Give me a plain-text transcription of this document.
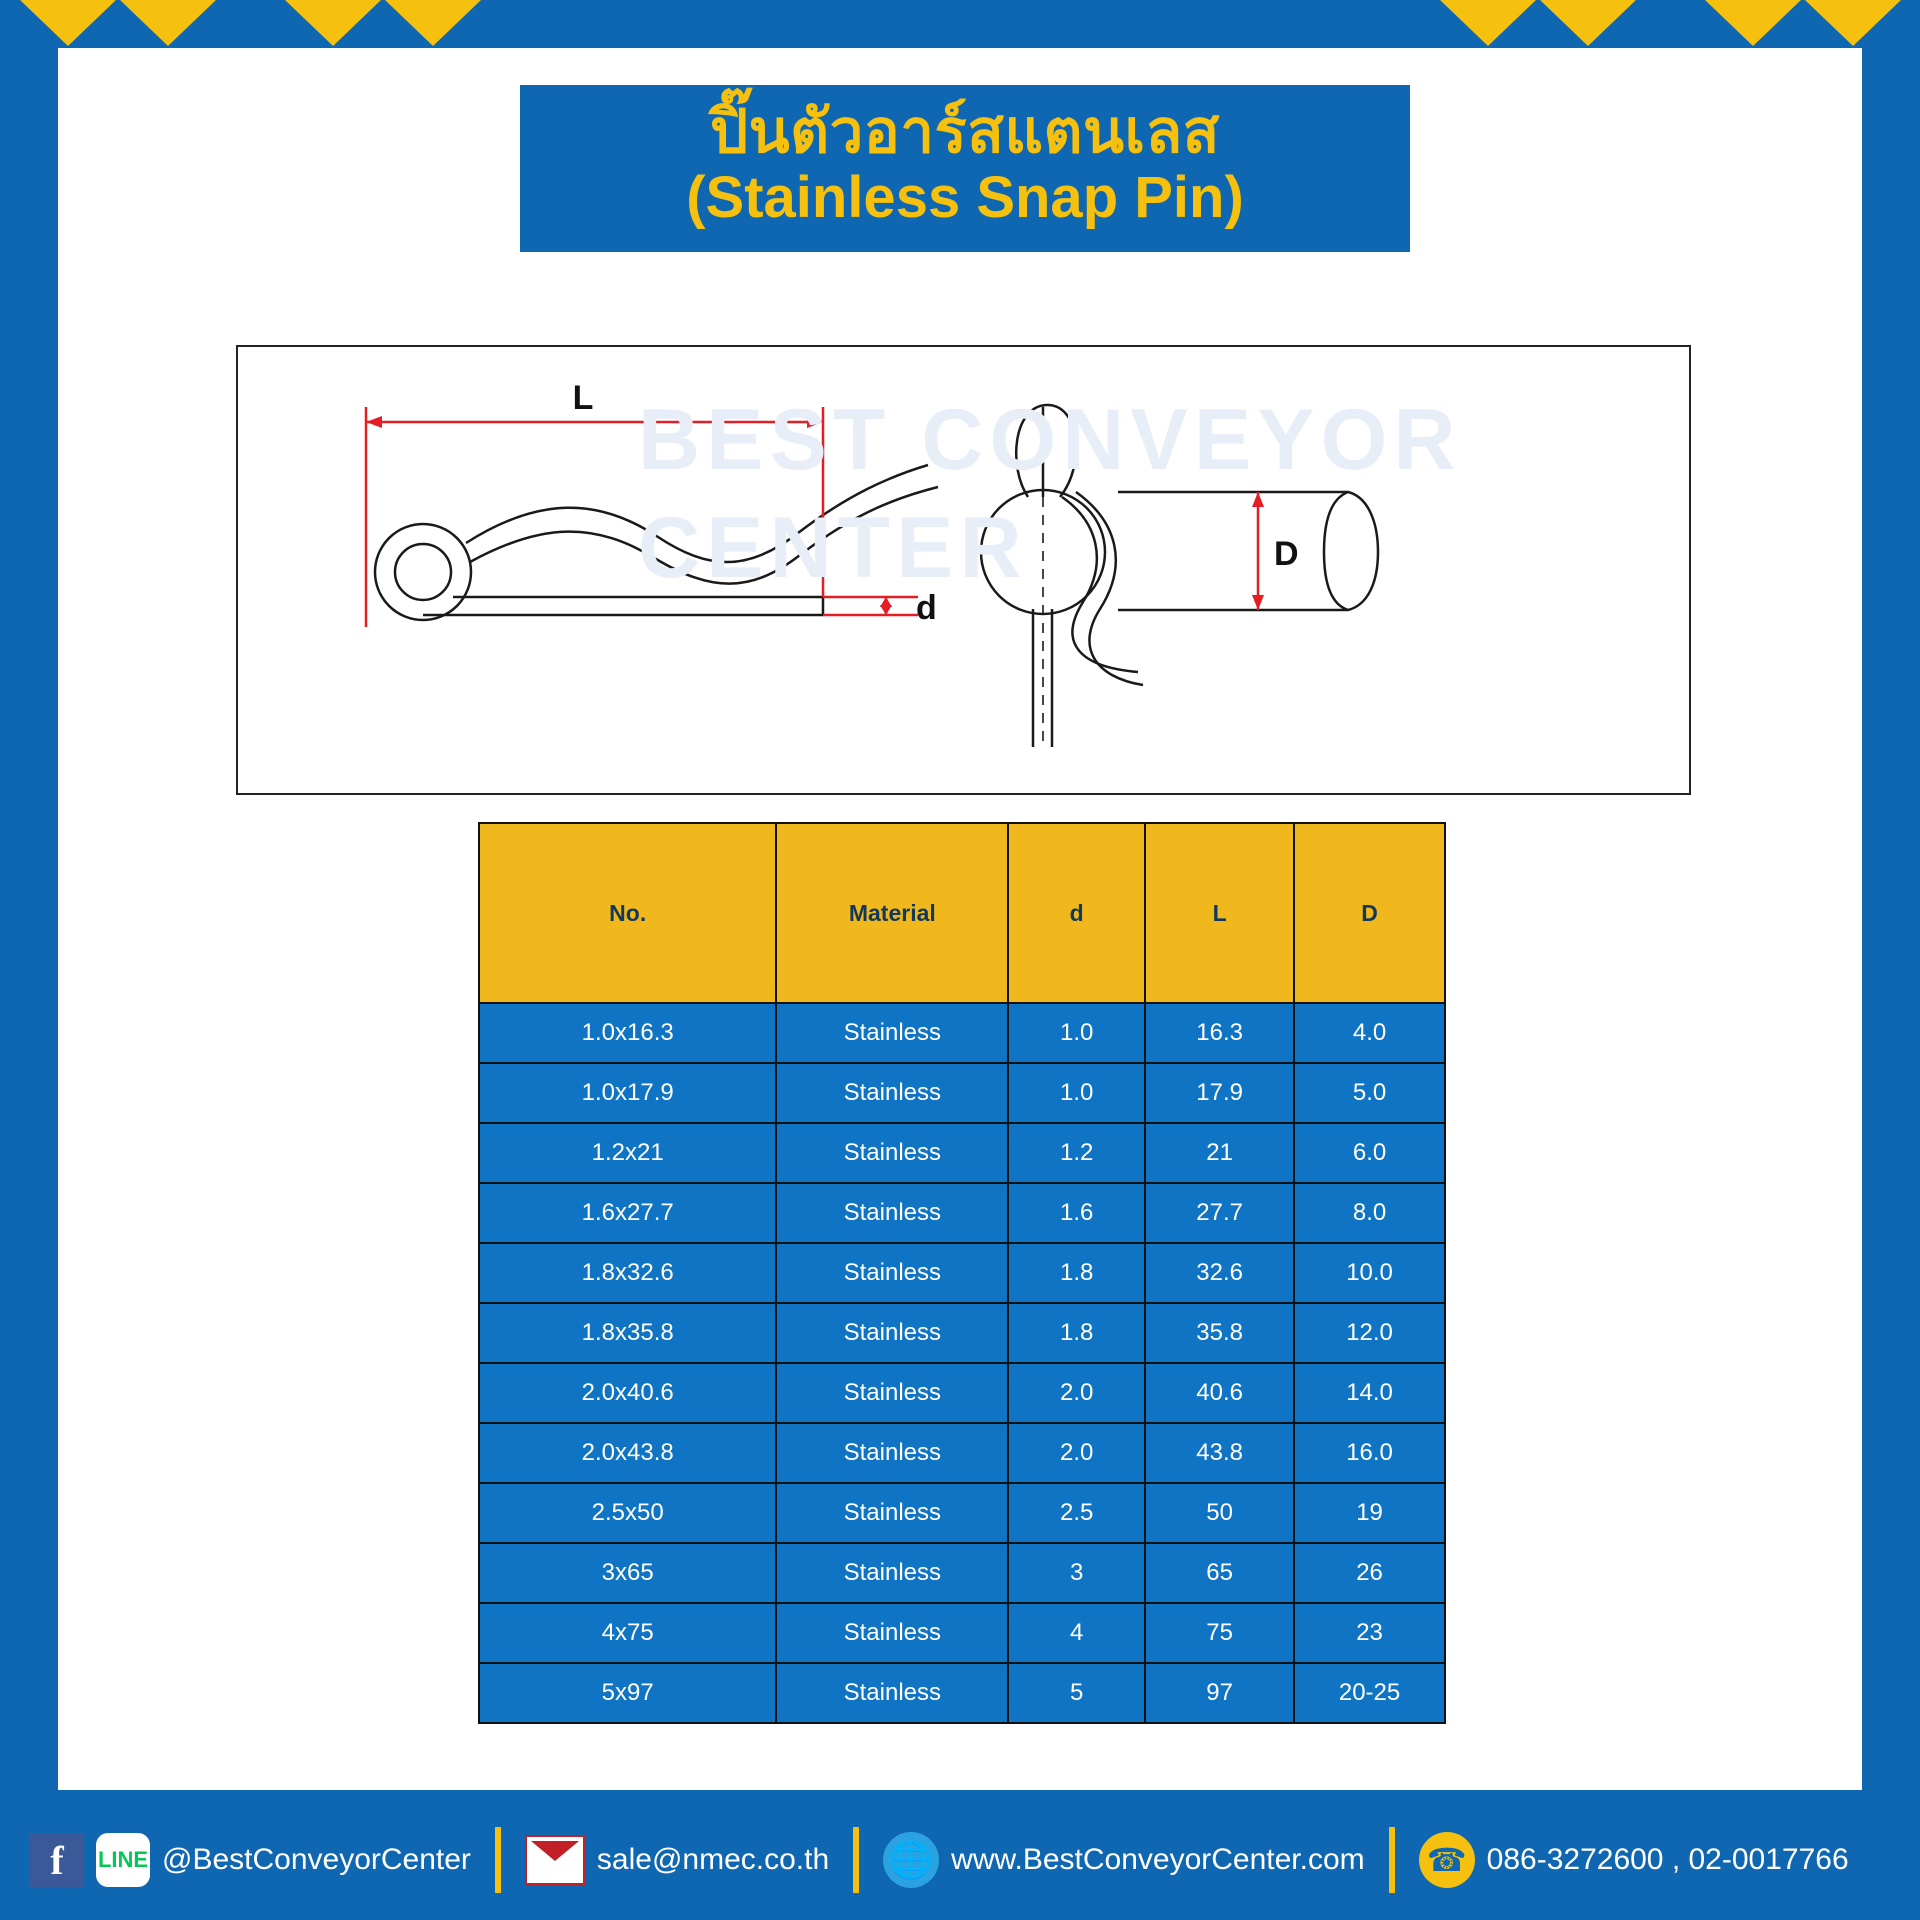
ปิ๊นตัวอาร์สแตนเลส
(Stainless Snap Pin)
BEST CONVEYOR
CENTER
L
d
D
No.	Material	d	L	D
1.0x16.3	Stainless	1.0	16.3	4.0
1.0x17.9	Stainless	1.0	17.9	5.0
1.2x21	Stainless	1.2	21	6.0
1.6x27.7	Stainless	1.6	27.7	8.0
1.8x32.6	Stainless	1.8	32.6	10.0
1.8x35.8	Stainless	1.8	35.8	12.0
2.0x40.6	Stainless	2.0	40.6	14.0
2.0x43.8	Stainless	2.0	43.8	16.0
2.5x50	Stainless	2.5	50	19
3x65	Stainless	3	65	26
4x75	Stainless	4	75	23
5x97	Stainless	5	97	20-25
f	LINE @BestConveyorCenter	sale@nmec.co.th 🌐 www.BestConveyorCenter.com ☎ 086-3272600 , 02-0017766
